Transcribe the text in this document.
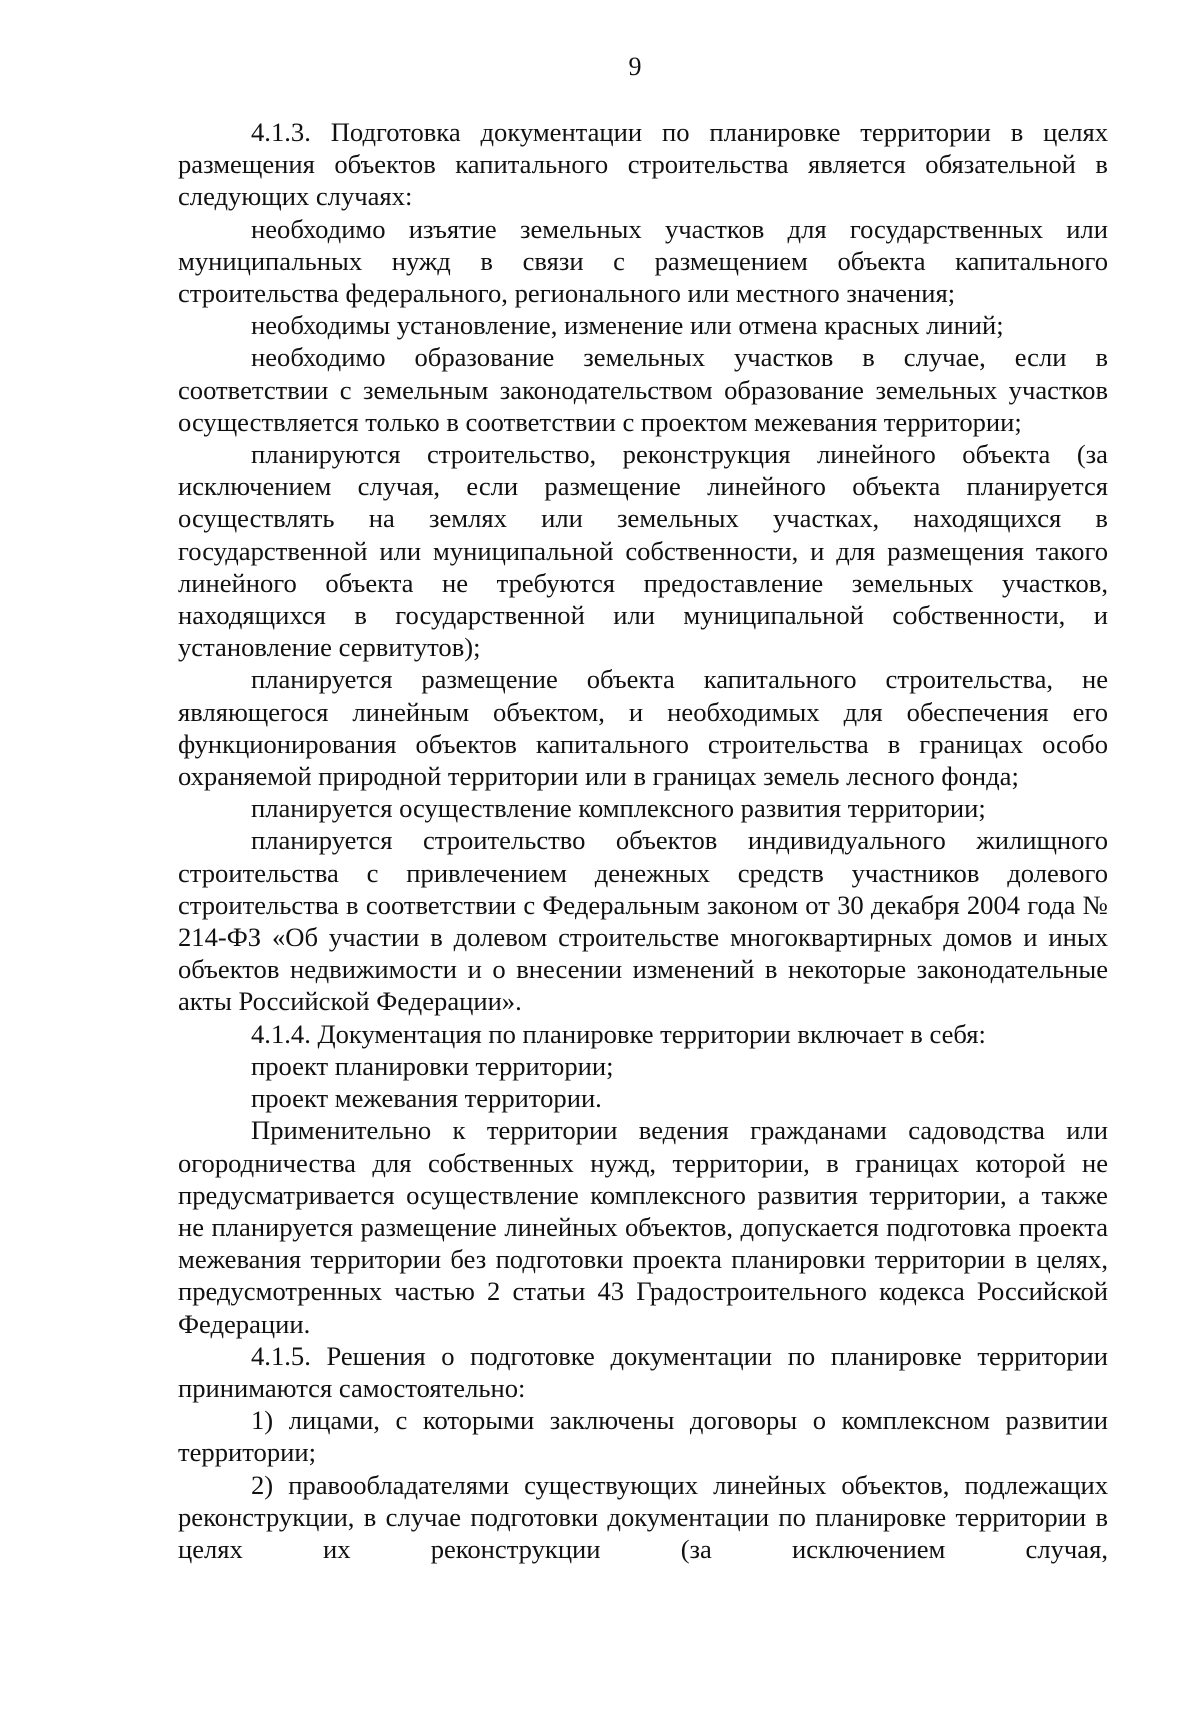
9

4.1.3. Подготовка документации по планировке территории в целях размещения объектов капитального строительства является обязательной в следующих случаях:

необходимо изъятие земельных участков для государственных или муниципальных нужд в связи с размещением объекта капитального строительства федерального, регионального или местного значения;

необходимы установление, изменение или отмена красных линий;

необходимо образование земельных участков в случае, если в соответствии с земельным законодательством образование земельных участков осуществляется только в соответствии с проектом межевания территории;

планируются строительство, реконструкция линейного объекта (за исключением случая, если размещение линейного объекта планируется осуществлять на землях или земельных участках, находящихся в государственной или муниципальной собственности, и для размещения такого линейного объекта не требуются предоставление земельных участков, находящихся в государственной или муниципальной собственности, и установление сервитутов);

планируется размещение объекта капитального строительства, не являющегося линейным объектом, и необходимых для обеспечения его функционирования объектов капитального строительства в границах особо охраняемой природной территории или в границах земель лесного фонда;

планируется осуществление комплексного развития территории;

планируется строительство объектов индивидуального жилищного строительства с привлечением денежных средств участников долевого строительства в соответствии с Федеральным законом от 30 декабря 2004 года № 214-ФЗ «Об участии в долевом строительстве многоквартирных домов и иных объектов недвижимости и о внесении изменений в некоторые законодательные акты Российской Федерации».

4.1.4. Документация по планировке территории включает в себя:

проект планировки территории;

проект межевания территории.

Применительно к территории ведения гражданами садоводства или огородничества для собственных нужд, территории, в границах которой не предусматривается осуществление комплексного развития территории, а также не планируется размещение линейных объектов, допускается подготовка проекта межевания территории без подготовки проекта планировки территории в целях, предусмотренных частью 2 статьи 43 Градостроительного кодекса Российской Федерации.

4.1.5. Решения о подготовке документации по планировке территории принимаются самостоятельно:

1) лицами, с которыми заключены договоры о комплексном развитии территории;

2) правообладателями существующих линейных объектов, подлежащих реконструкции, в случае подготовки документации по планировке территории в целях их реконструкции (за исключением случая,
